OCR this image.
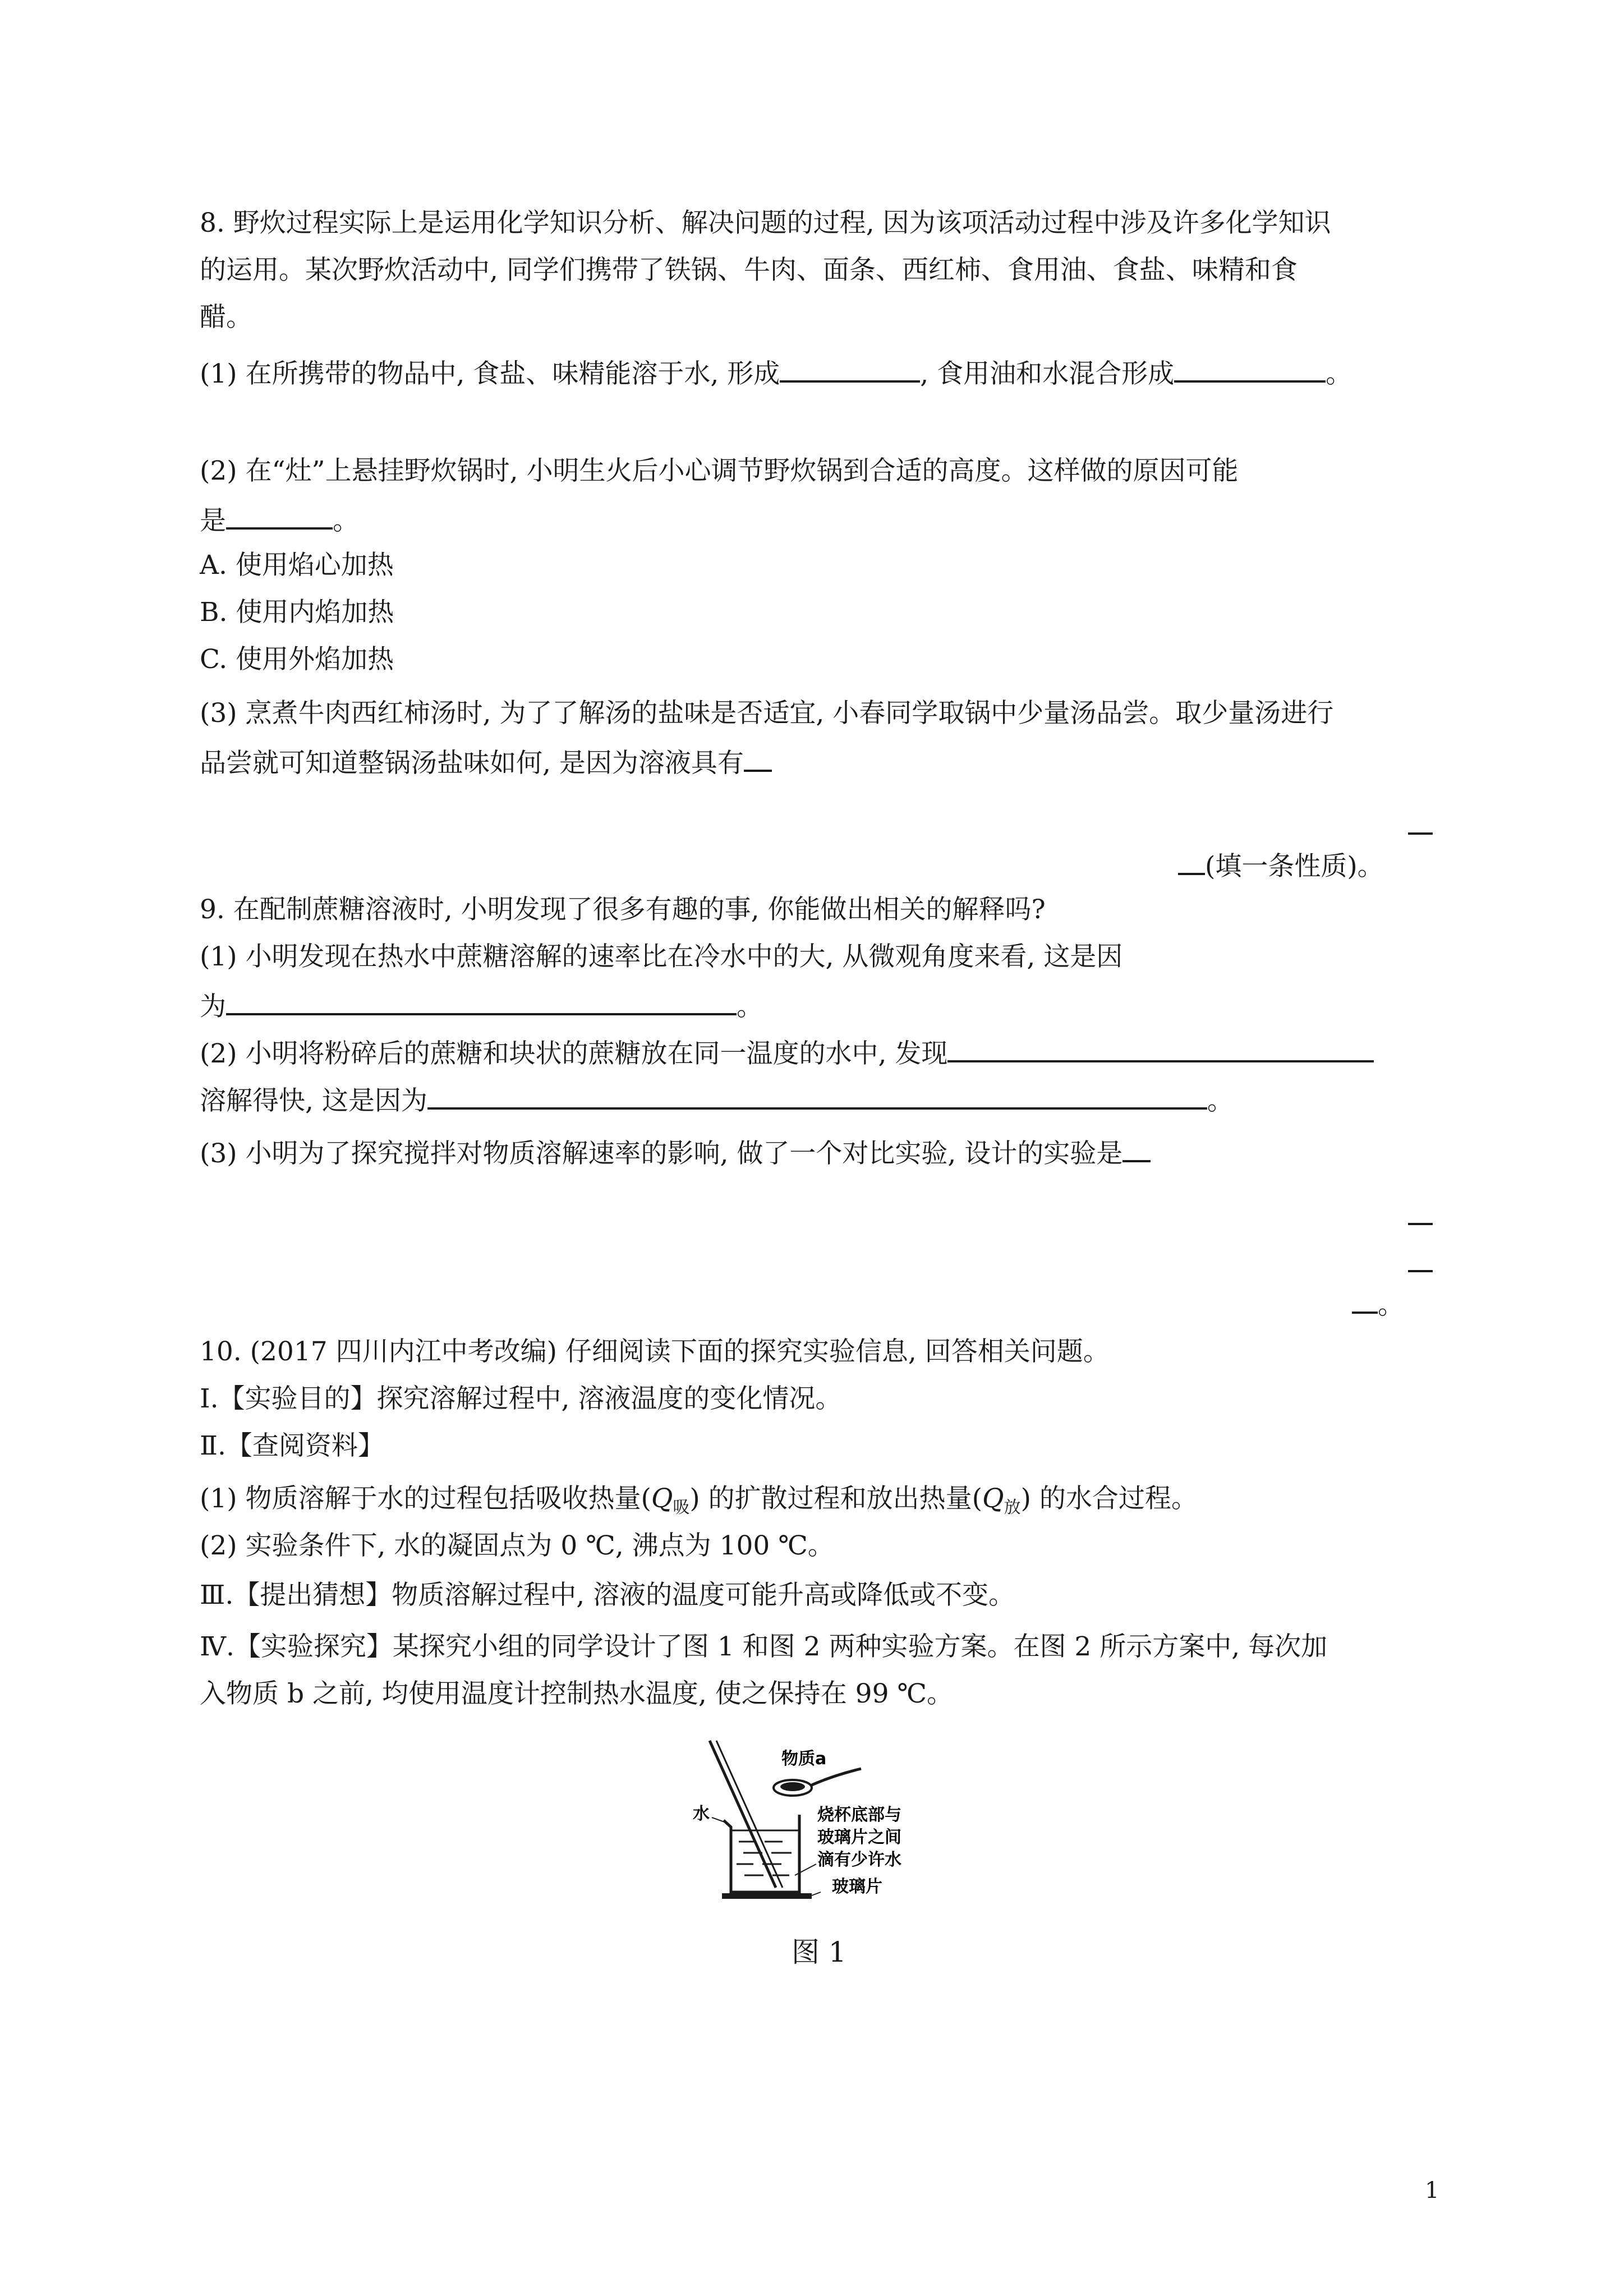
8. 野炊过程实际上是运用化学知识分析、解决问题的过程, 因为该项活动过程中涉及许多化学知识
的运用。某次野炊活动中, 同学们携带了铁锅、牛肉、面条、西红柿、食用油、食盐、味精和食
醋。
(1) 在所携带的物品中, 食盐、味精能溶于水, 形成	, 食用油和水混合形成	。
(2) 在“灶”上悬挂野炊锅时, 小明生火后小心调节野炊锅到合适的高度。这样做的原因可能
是	。
A. 使用焰心加热
B. 使用内焰加热
C. 使用外焰加热
(3) 烹煮牛肉西红柿汤时, 为了了解汤的盐味是否适宜, 小春同学取锅中少量汤品尝。取少量汤进行
品尝就可知道整锅汤盐味如何, 是因为溶液具有
(填一条性质)。
9. 在配制蔗糖溶液时, 小明发现了很多有趣的事, 你能做出相关的解释吗?
(1) 小明发现在热水中蔗糖溶解的速率比在冷水中的大, 从微观角度来看, 这是因
为	。
(2) 小明将粉碎后的蔗糖和块状的蔗糖放在同一温度的水中, 发现
溶解得快, 这是因为	。
(3) 小明为了探究搅拌对物质溶解速率的影响, 做了一个对比实验, 设计的实验是
。
10. (2017 四川内江中考改编) 仔细阅读下面的探究实验信息, 回答相关问题。
Ⅰ.【实验目的】探究溶解过程中, 溶液温度的变化情况。
Ⅱ.【查阅资料】
(1) 物质溶解于水的过程包括吸收热量$(Q_吸)$ 的扩散过程和放出热量$(Q_放)$ 的水合过程。
(2) 实验条件下, 水的凝固点为 0 ℃, 沸点为 100 ℃。
Ⅲ.【提出猜想】物质溶解过程中, 溶液的温度可能升高或降低或不变。
Ⅳ.【实验探究】某探究小组的同学设计了图 1 和图 2 两种实验方案。在图 2 所示方案中, 每次加
入物质 b 之前, 均使用温度计控制热水温度, 使之保持在 99 ℃。
物质a
水	烧杯底部与
玻璃片之间
滴有少许水
玻璃片
图 1
1
